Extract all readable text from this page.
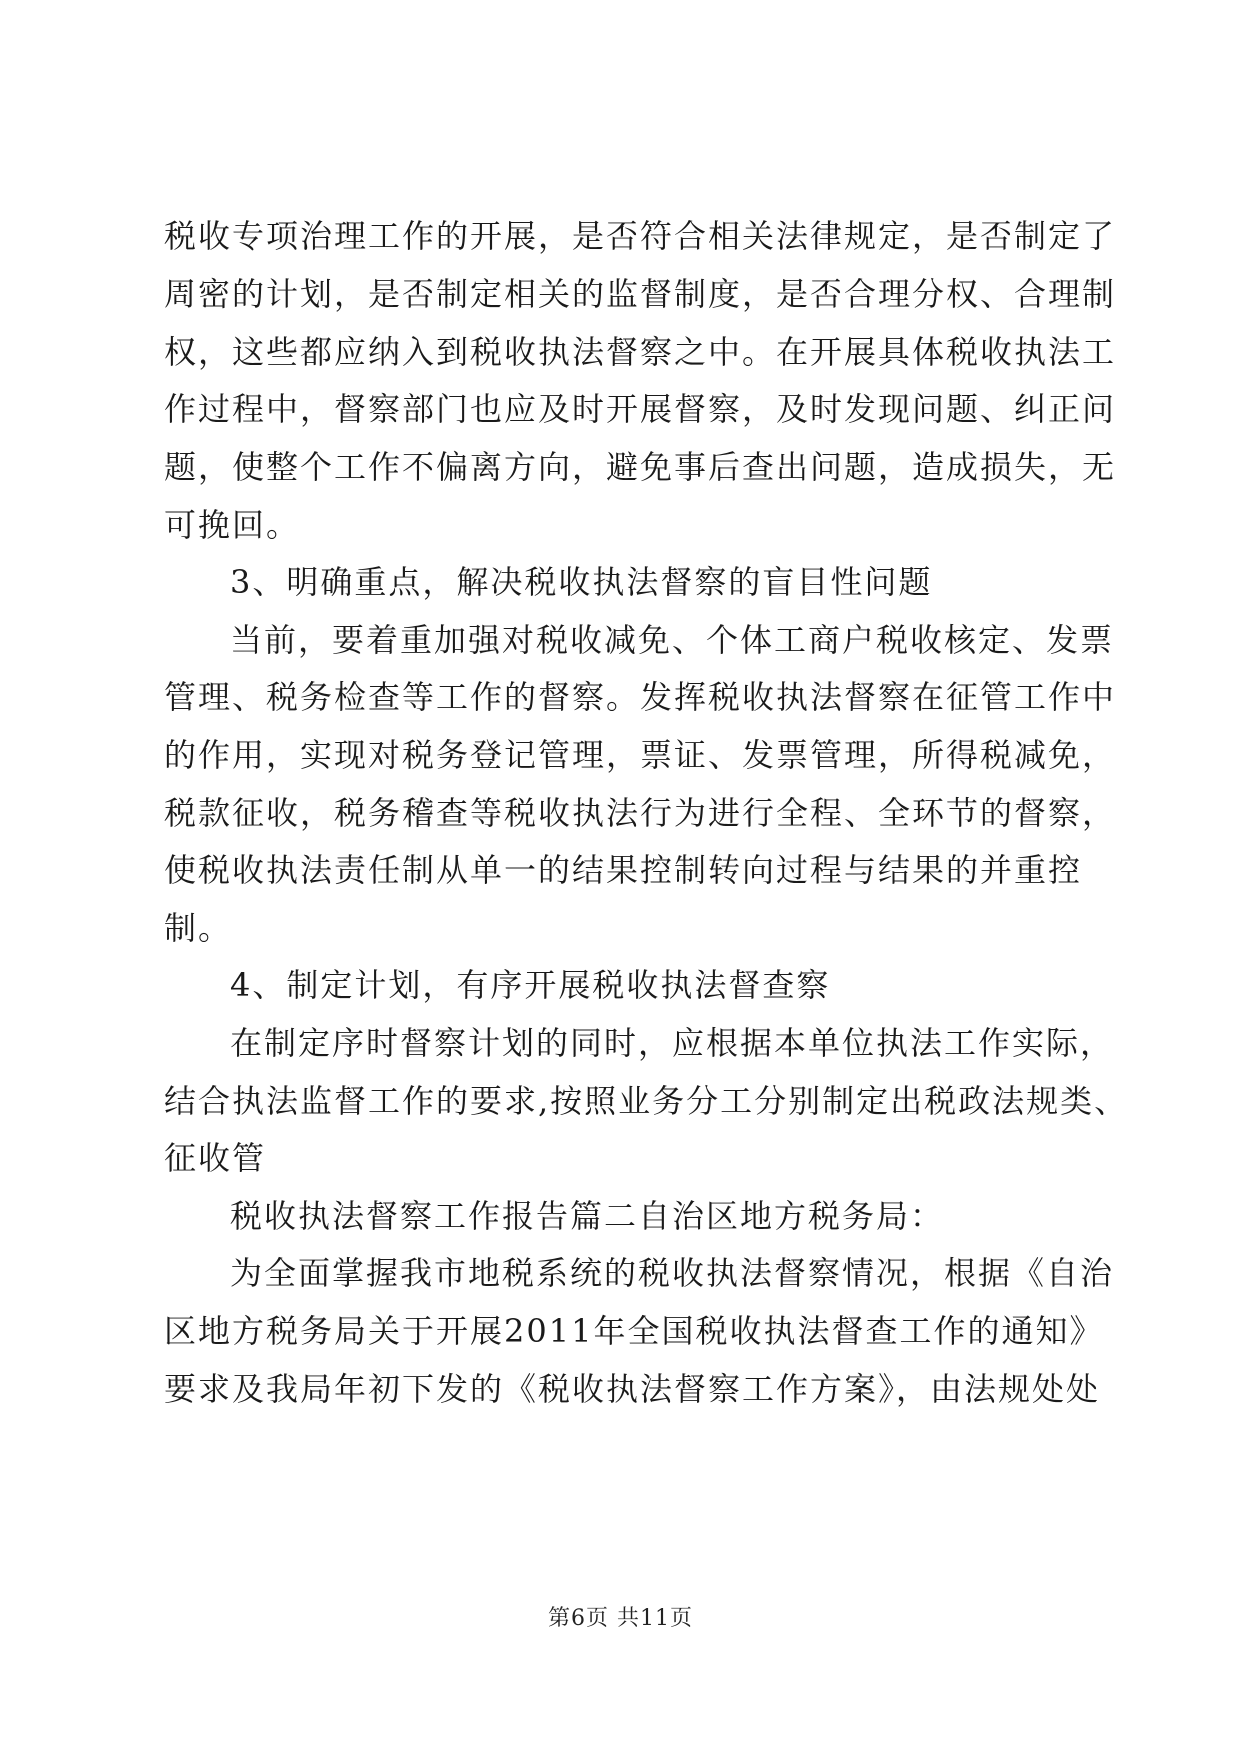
税收专项治理工作的开展，是否符合相关法律规定，是否制定了

周密的计划，是否制定相关的监督制度，是否合理分权、合理制

权，这些都应纳入到税收执法督察之中。在开展具体税收执法工

作过程中，督察部门也应及时开展督察，及时发现问题、纠正问

题，使整个工作不偏离方向，避免事后查出问题，造成损失，无

可挽回。

3、明确重点，解决税收执法督察的盲目性问题

当前，要着重加强对税收减免、个体工商户税收核定、发票

管理、税务检查等工作的督察。发挥税收执法督察在征管工作中

的作用，实现对税务登记管理，票证、发票管理，所得税减免，

税款征收，税务稽查等税收执法行为进行全程、全环节的督察，

使税收执法责任制从单一的结果控制转向过程与结果的并重控

制。

4、制定计划，有序开展税收执法督查察

在制定序时督察计划的同时，应根据本单位执法工作实际，

结合执法监督工作的要求,按照业务分工分别制定出税政法规类、

征收管

税收执法督察工作报告篇二自治区地方税务局：

为全面掌握我市地税系统的税收执法督察情况，根据《自治

区地方税务局关于开展2011年全国税收执法督查工作的通知》

要求及我局年初下发的《税收执法督察工作方案》，由法规处处

第6页 共11页
